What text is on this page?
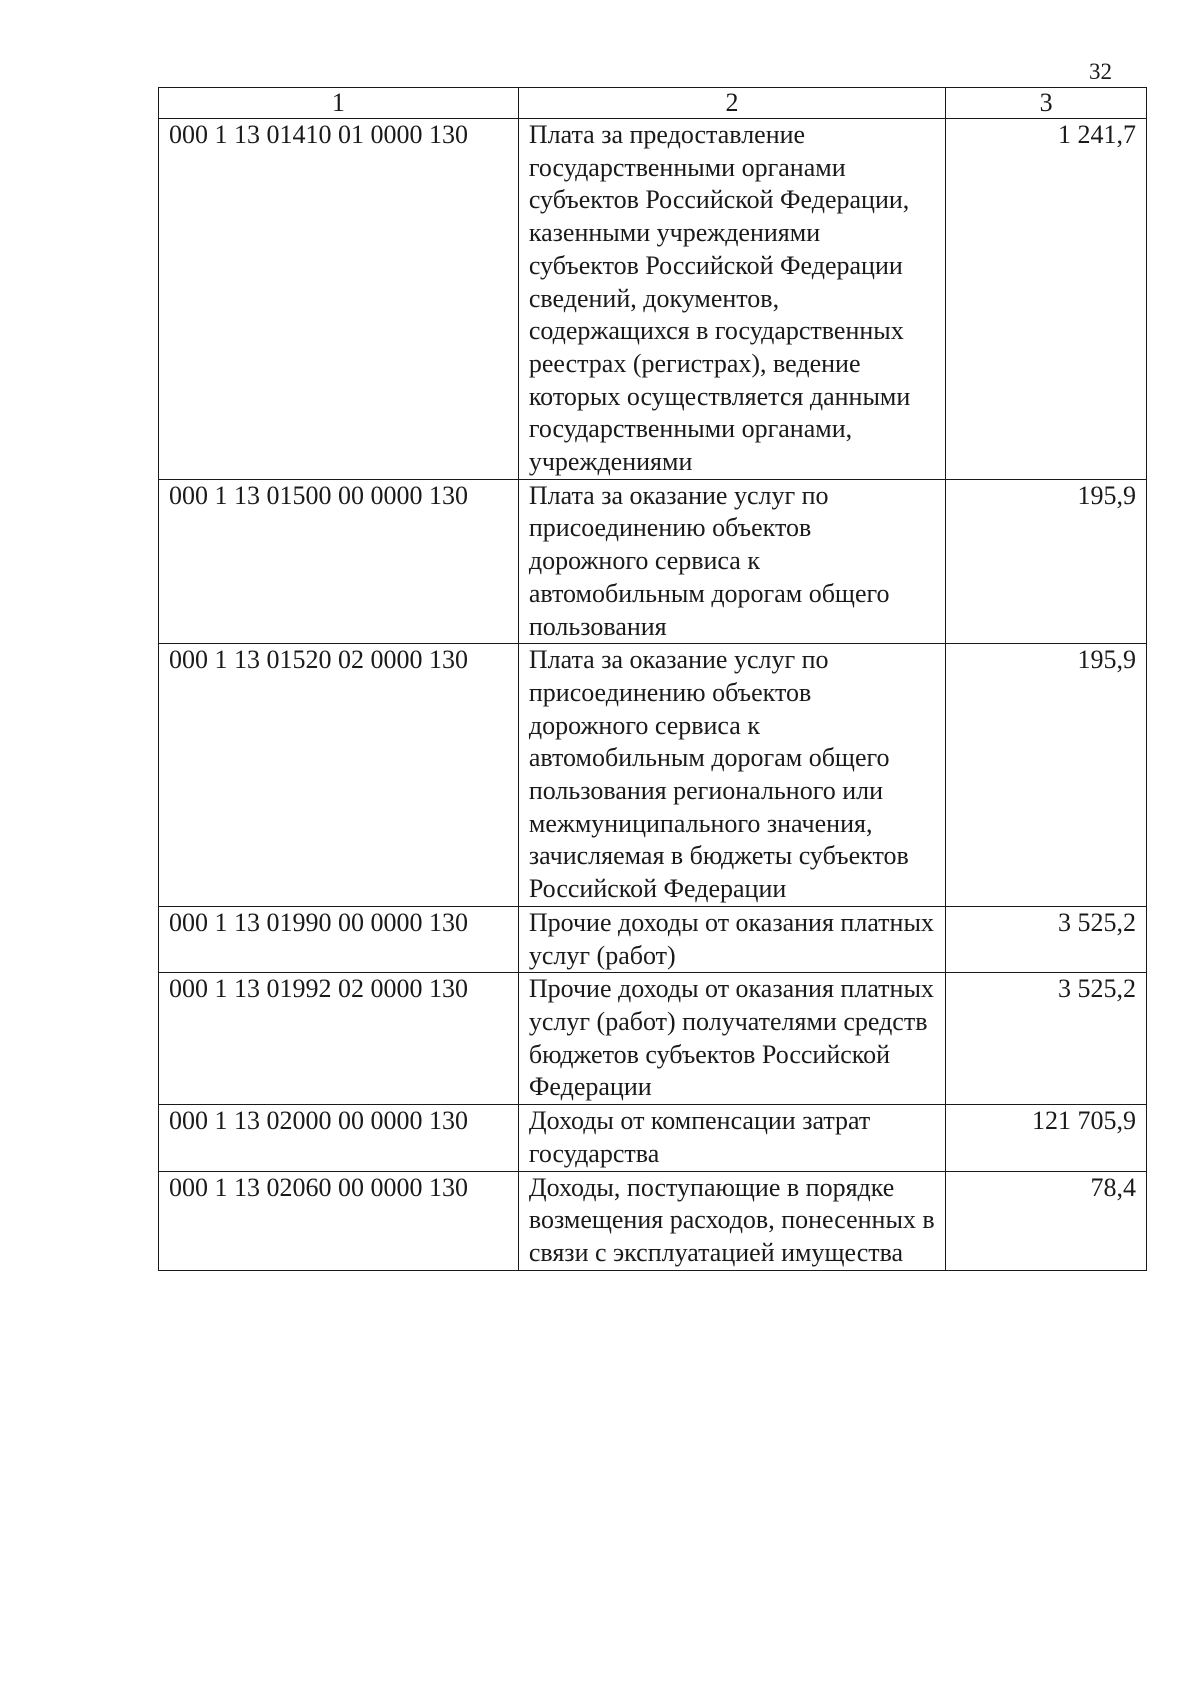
32
1	2	3
000 1 13 01410 01 0000 130	Плата за предоставление государственными органами субъектов Российской Федерации, казенными учреждениями субъектов Российской Федерации сведений, документов, содержащихся в государственных реестрах (регистрах), ведение которых осуществляется данными государственными органами, учреждениями	1 241,7
000 1 13 01500 00 0000 130	Плата за оказание услуг по присоединению объектов дорожного сервиса к автомобильным дорогам общего пользования	195,9
000 1 13 01520 02 0000 130	Плата за оказание услуг по присоединению объектов дорожного сервиса к автомобильным дорогам общего пользования регионального или межмуниципального значения, зачисляемая в бюджеты субъектов Российской Федерации	195,9
000 1 13 01990 00 0000 130	Прочие доходы от оказания платных услуг (работ)	3 525,2
000 1 13 01992 02 0000 130	Прочие доходы от оказания платных услуг (работ) получателями средств бюджетов субъектов Российской Федерации	3 525,2
000 1 13 02000 00 0000 130	Доходы от компенсации затрат государства	121 705,9
000 1 13 02060 00 0000 130	Доходы, поступающие в порядке возмещения расходов, понесенных в связи с эксплуатацией имущества	78,4
